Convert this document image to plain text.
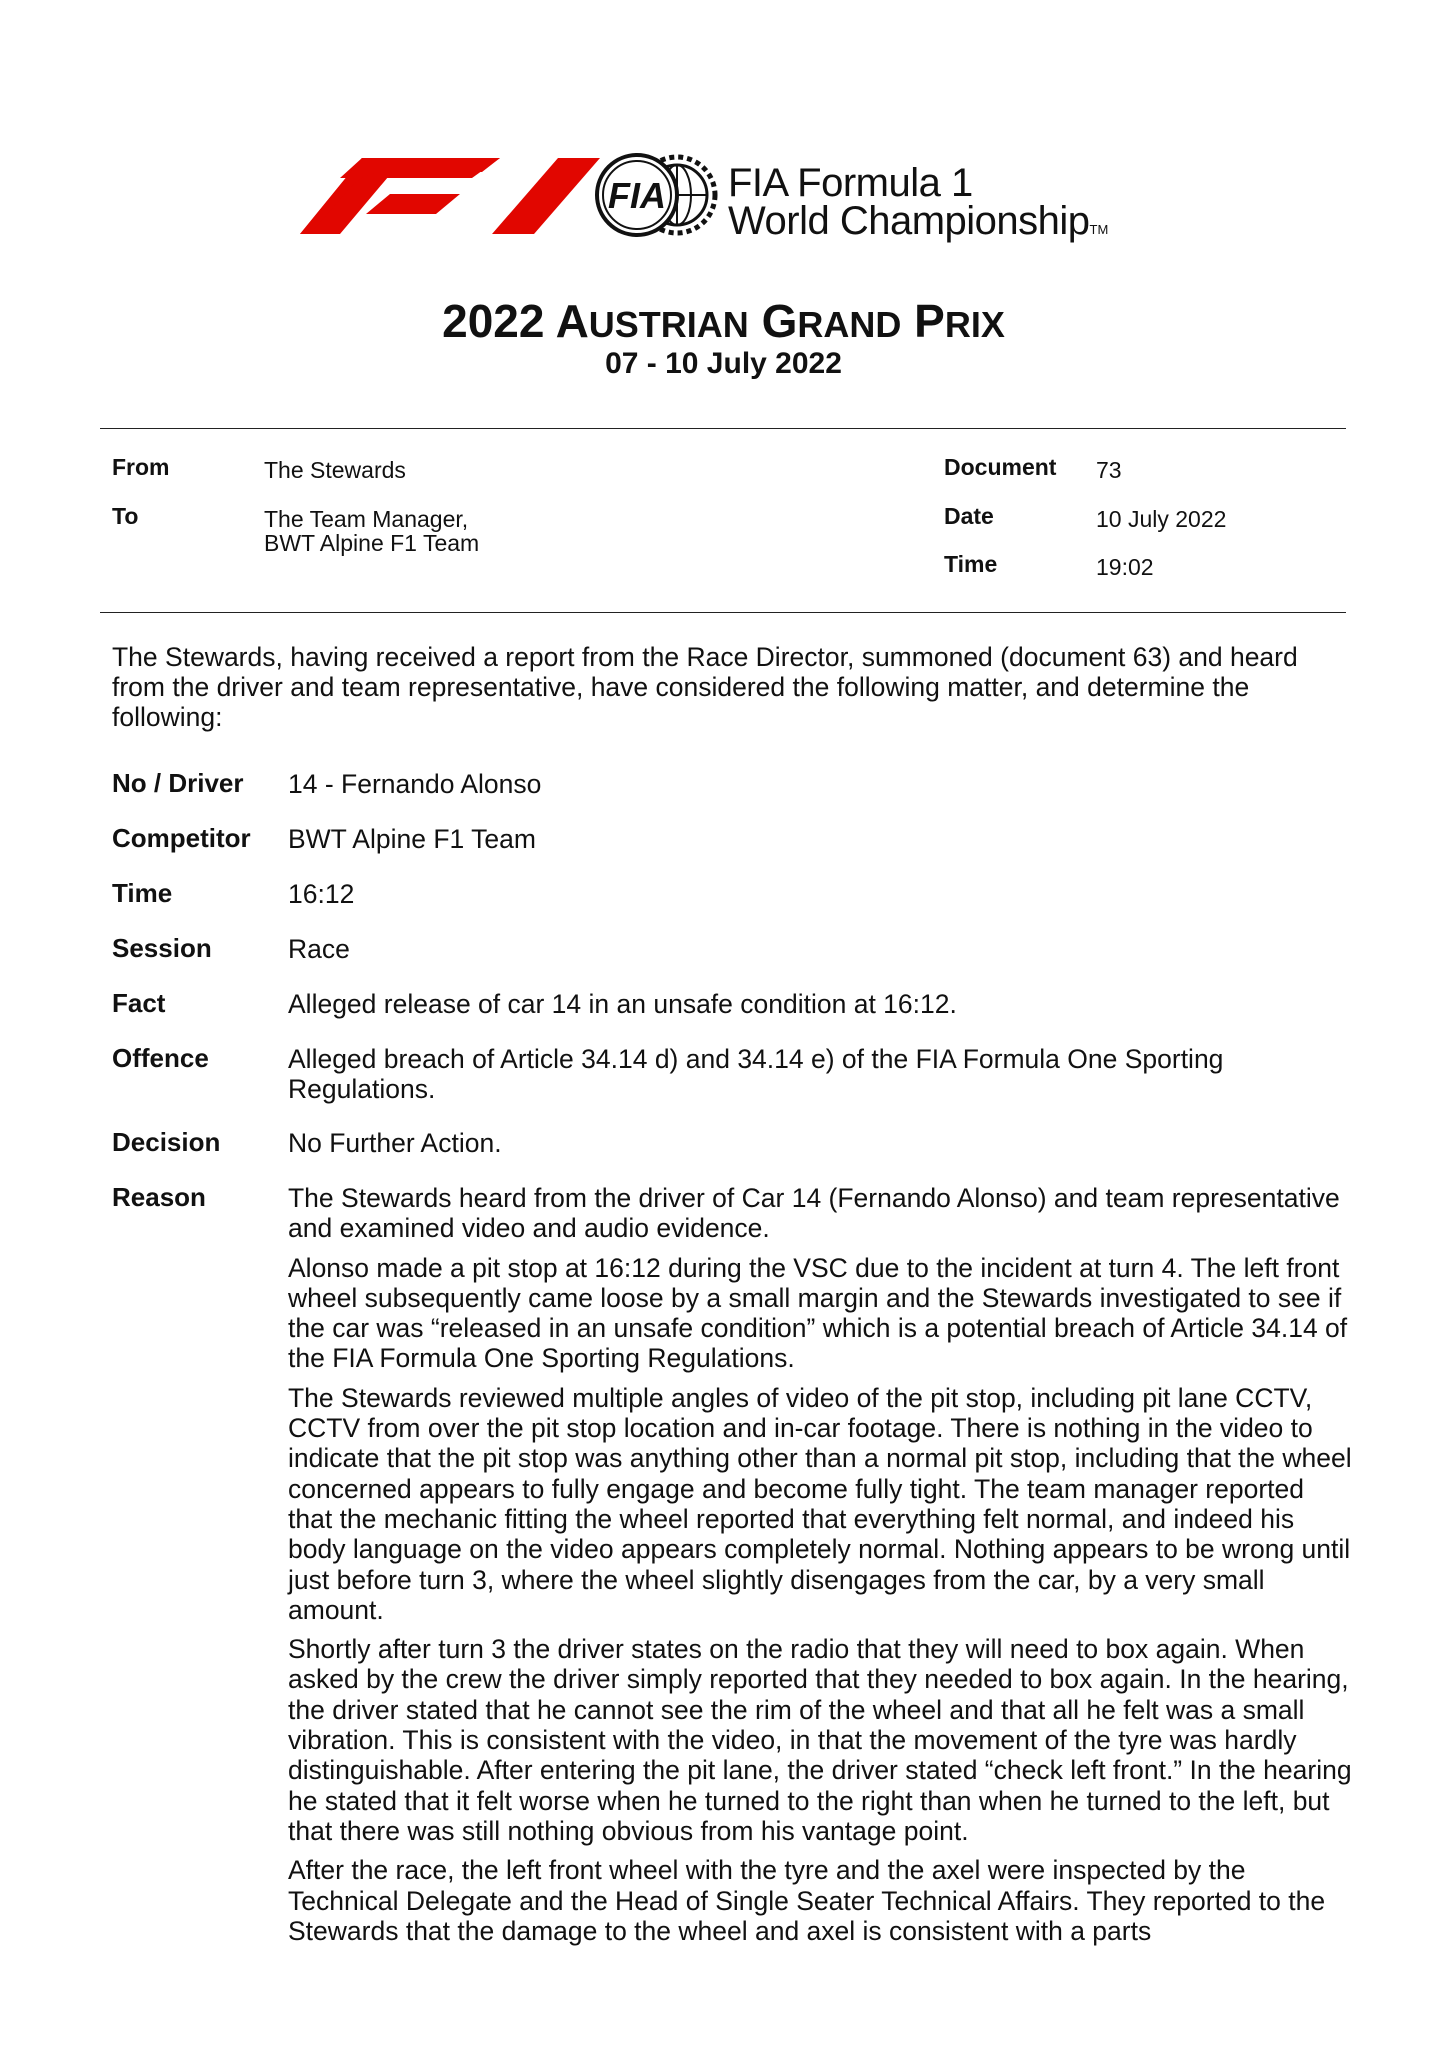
FIA FIA Formula 1
World ChampionshipTM
2022 AUSTRIAN GRAND PRIX
07 - 10 July 2022
From	The Stewards
To	The Team Manager,
BWT Alpine F1 Team
Document 73
Date	10 July 2022
Time	19:02
The Stewards, having received a report from the Race Director, summoned (document 63) and heard from the driver and team representative, have considered the following matter, and determine the following:
No / Driver 14 - Fernando Alonso
Competitor BWT Alpine F1 Team
Time	16:12
Session	Race
Fact	Alleged release of car 14 in an unsafe condition at 16:12.
Offence	Alleged breach of Article 34.14 d) and 34.14 e) of the FIA Formula One Sporting Regulations.
Decision	No Further Action.
Reason	The Stewards heard from the driver of Car 14 (Fernando Alonso) and team representative and examined video and audio evidence.

Alonso made a pit stop at 16:12 during the VSC due to the incident at turn 4. The left front wheel subsequently came loose by a small margin and the Stewards investigated to see if the car was “released in an unsafe condition” which is a potential breach of Article 34.14 of the FIA Formula One Sporting Regulations.

The Stewards reviewed multiple angles of video of the pit stop, including pit lane CCTV, CCTV from over the pit stop location and in-car footage. There is nothing in the video to indicate that the pit stop was anything other than a normal pit stop, including that the wheel concerned appears to fully engage and become fully tight. The team manager reported that the mechanic fitting the wheel reported that everything felt normal, and indeed his body language on the video appears completely normal. Nothing appears to be wrong until just before turn 3, where the wheel slightly disengages from the car, by a very small amount.

Shortly after turn 3 the driver states on the radio that they will need to box again. When asked by the crew the driver simply reported that they needed to box again. In the hearing, the driver stated that he cannot see the rim of the wheel and that all he felt was a small vibration. This is consistent with the video, in that the movement of the tyre was hardly distinguishable. After entering the pit lane, the driver stated “check left front.” In the hearing he stated that it felt worse when he turned to the right than when he turned to the left, but that there was still nothing obvious from his vantage point.

After the race, the left front wheel with the tyre and the axel were inspected by the Technical Delegate and the Head of Single Seater Technical Affairs. They reported to the Stewards that the damage to the wheel and axel is consistent with a parts
